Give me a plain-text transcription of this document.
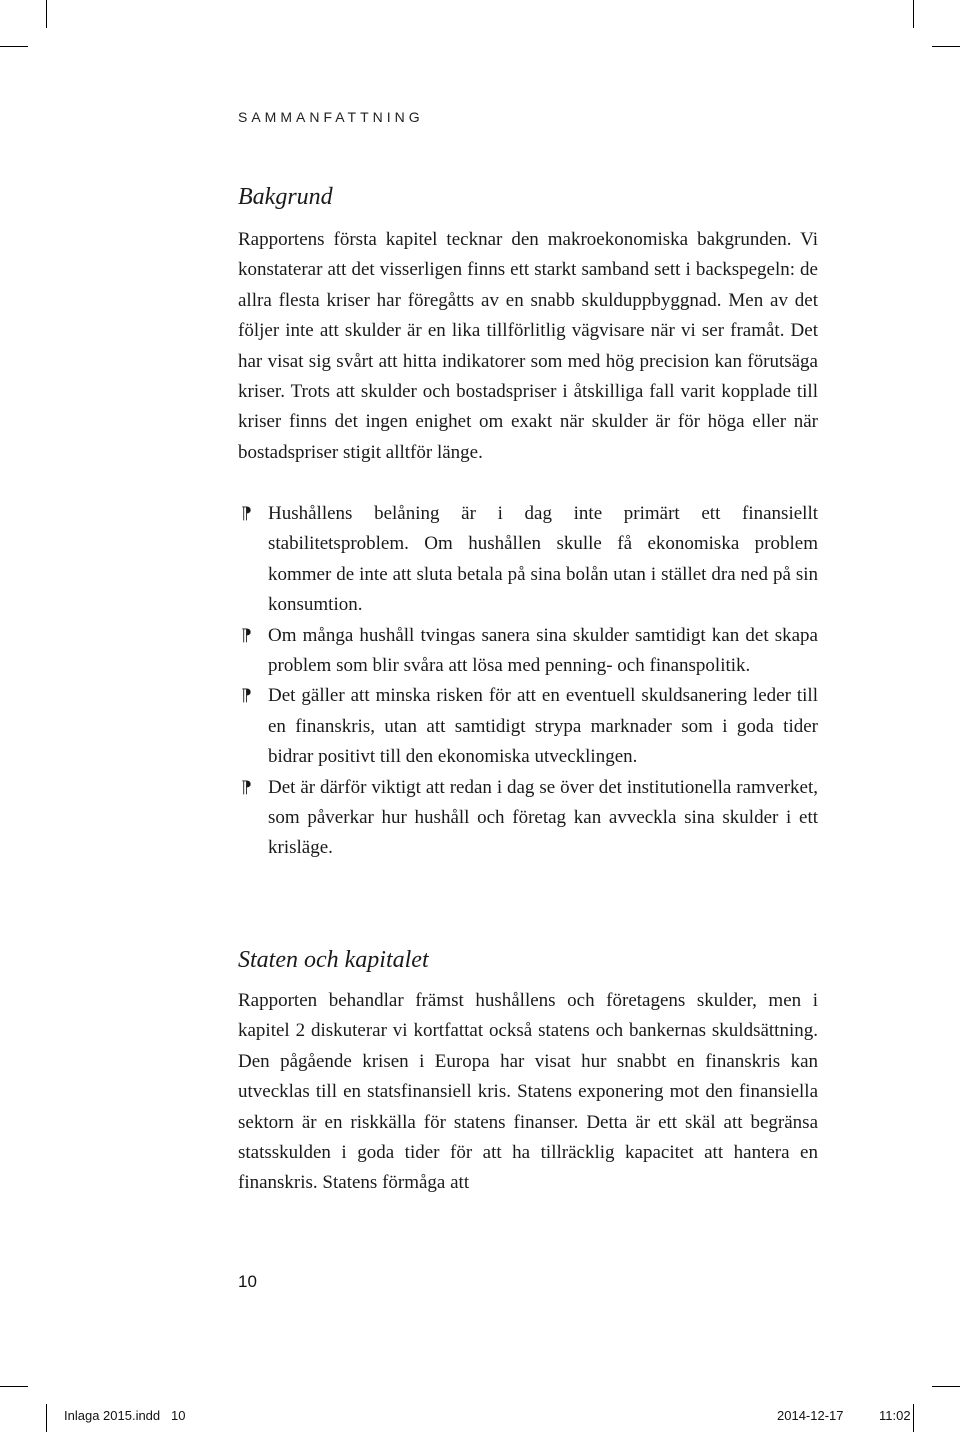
SAMMANFATTNING
Bakgrund

Rapportens första kapitel tecknar den makroekonomiska bakgrunden. Vi konstaterar att det visserligen finns ett starkt samband sett i backspegeln: de allra flesta kriser har föregåtts av en snabb skulduppbyggnad. Men av det följer inte att skulder är en lika tillförlitlig vägvisare när vi ser framåt. Det har visat sig svårt att hitta indikatorer som med hög precision kan förutsäga kriser. Trots att skulder och bostadspriser i åtskilliga fall varit kopplade till kriser finns det ingen enighet om exakt när skulder är för höga eller när bostadspriser stigit alltför länge.

¶ Hushållens belåning är i dag inte primärt ett finansiellt stabilitetsproblem. Om hushållen skulle få ekonomiska problem kommer de inte att sluta betala på sina bolån utan i stället dra ned på sin konsumtion.
¶ Om många hushåll tvingas sanera sina skulder samtidigt kan det skapa problem som blir svåra att lösa med penning- och finanspolitik.
¶ Det gäller att minska risken för att en eventuell skuldsanering leder till en finanskris, utan att samtidigt strypa marknader som i goda tider bidrar positivt till den ekonomiska utvecklingen.
¶ Det är därför viktigt att redan i dag se över det institutionella ramverket, som påverkar hur hushåll och företag kan avveckla sina skulder i ett krisläge.
Staten och kapitalet

Rapporten behandlar främst hushållens och företagens skulder, men i kapitel 2 diskuterar vi kortfattat också statens och bankernas skuldsättning. Den pågående krisen i Europa har visat hur snabbt en finanskris kan utvecklas till en statsfinansiell kris. Statens exponering mot den finansiella sektorn är en riskkälla för statens finanser. Detta är ett skäl att begränsa statsskulden i goda tider för att ha tillräcklig kapacitet att hantera en finanskris. Statens förmåga att

10
Inlaga 2015.indd   10	2014-12-17	11:02
